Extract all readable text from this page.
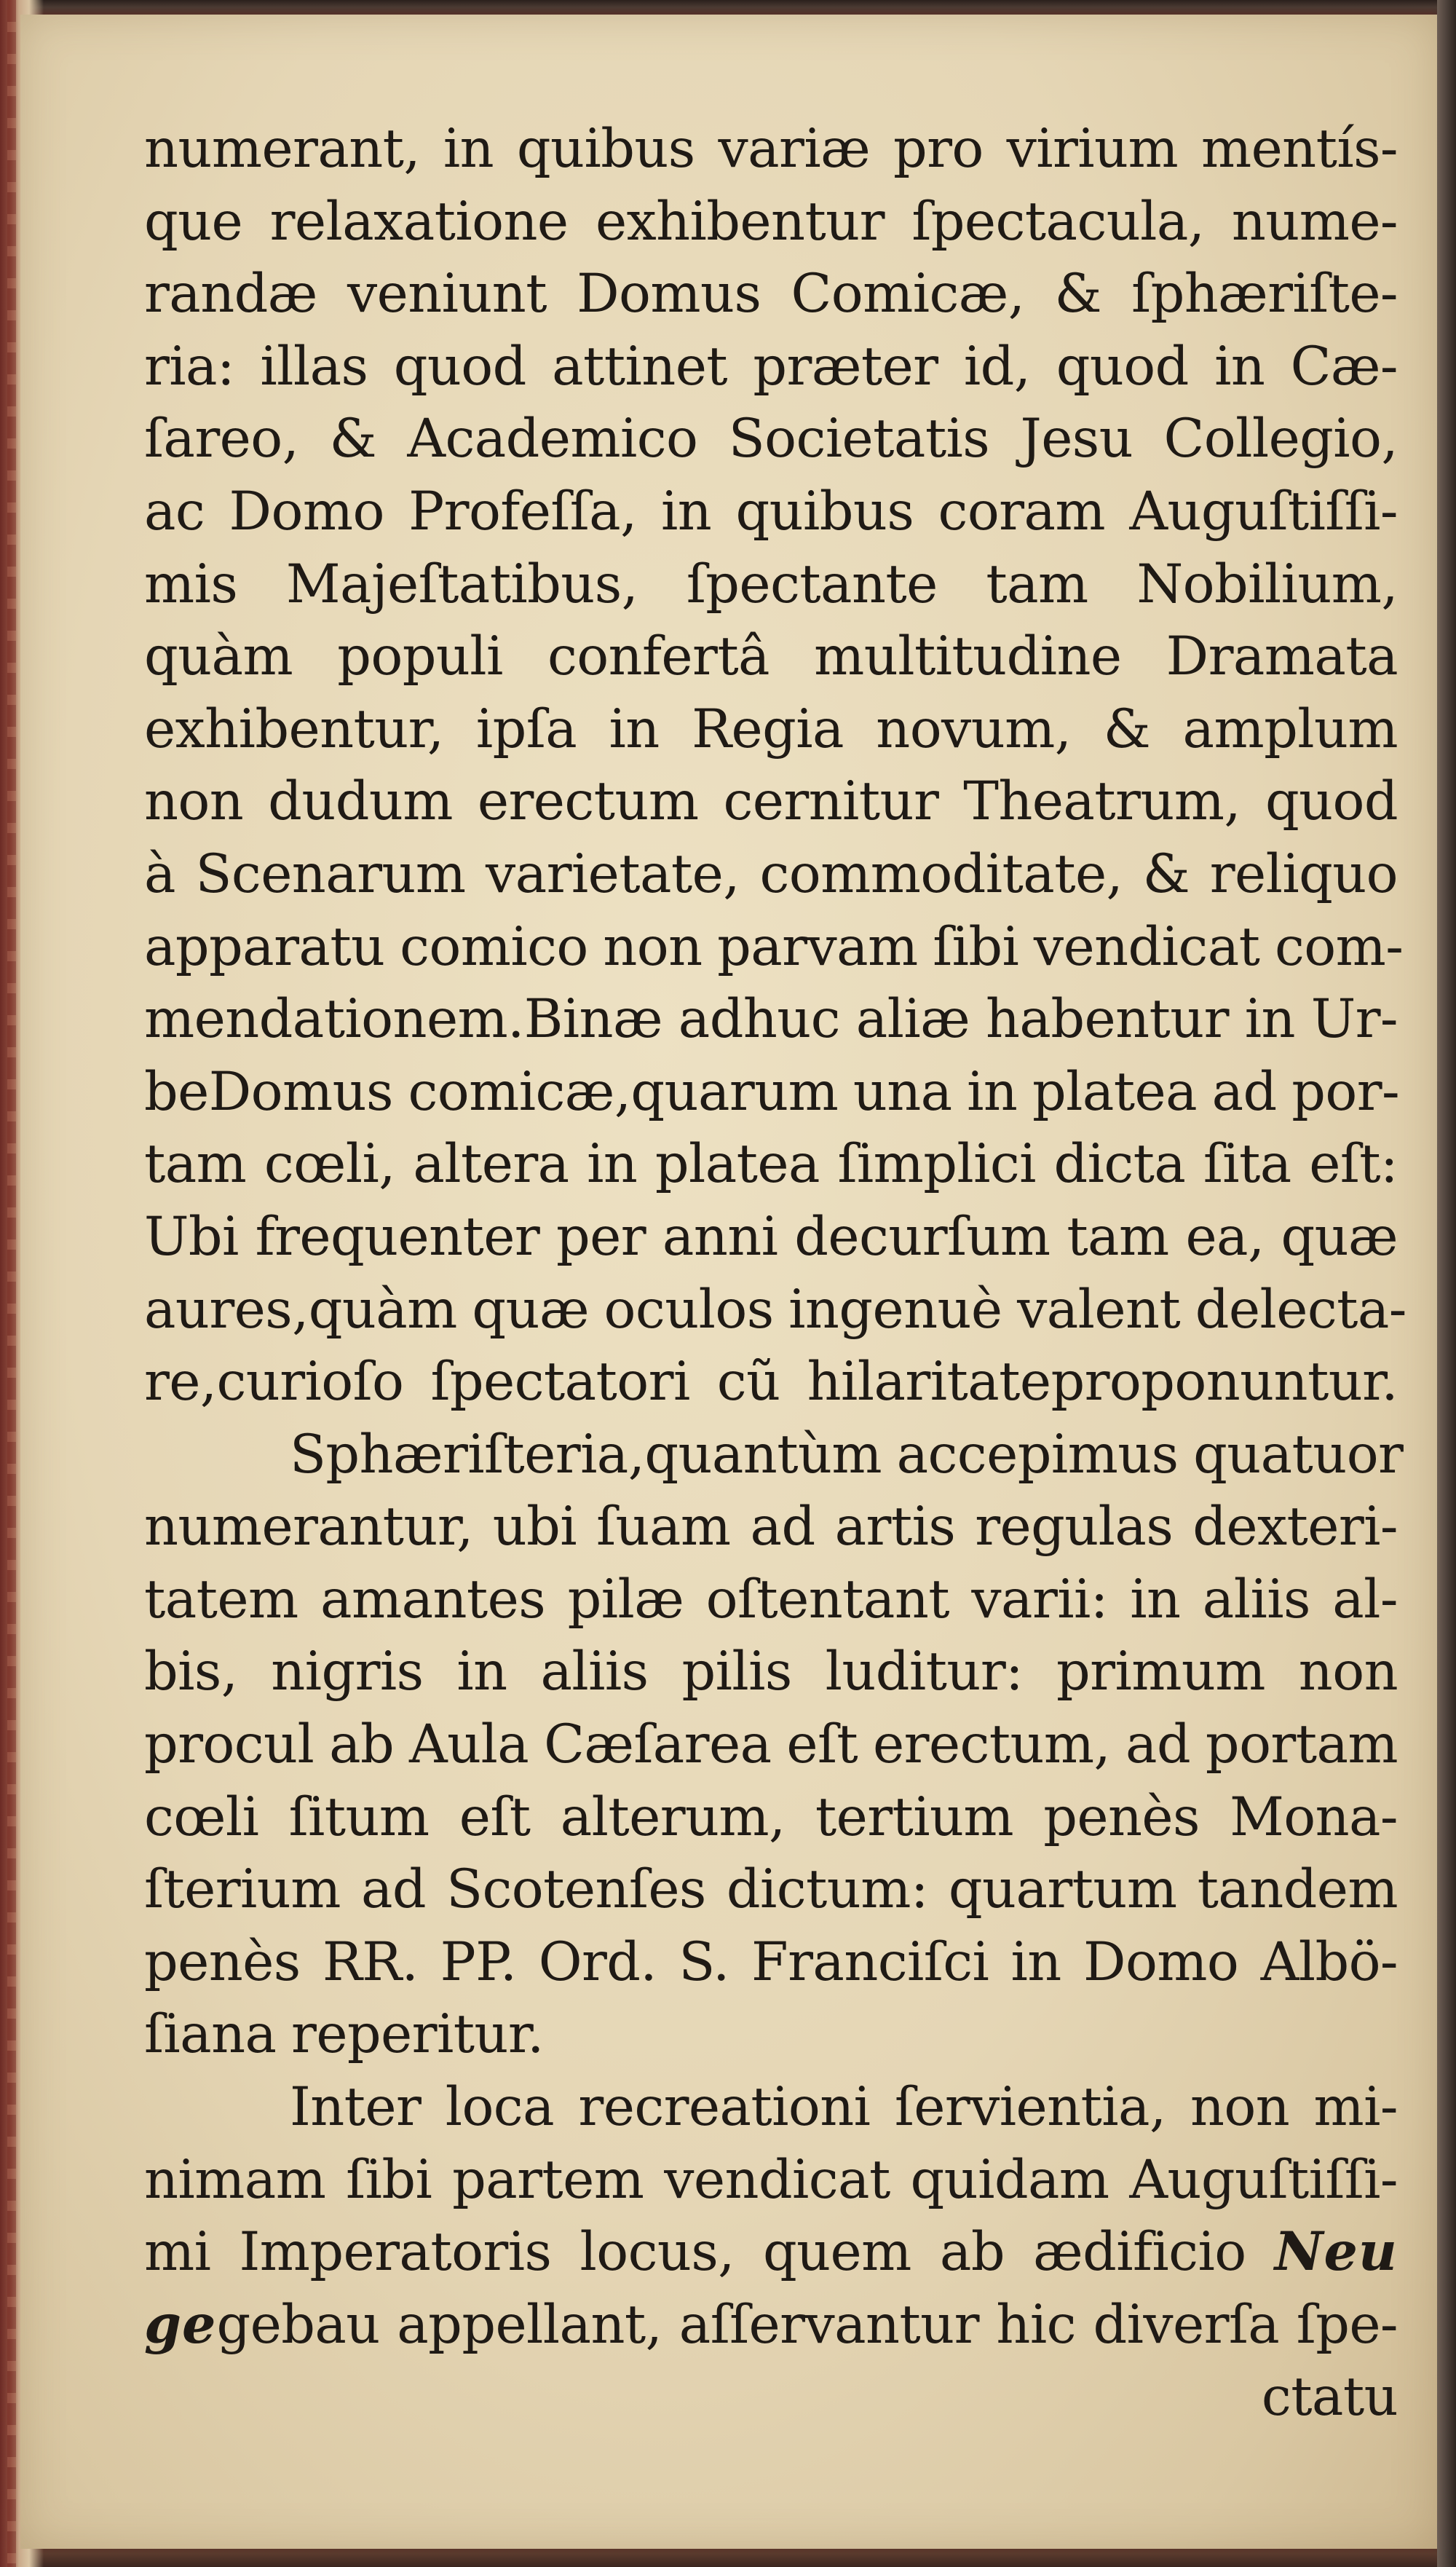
numerant, in quibus variæ pro virium mentís-
que relaxatione exhibentur ſpectacula, nume-
randæ veniunt Domus Comicæ, & ſphæriſte-
ria: illas quod attinet præter id, quod in Cæ-
ſareo, & Academico Societatis Jesu Collegio,
ac Domo Profeſſa, in quibus coram Auguſtiſſi-
mis Majeſtatibus, ſpectante tam Nobilium,
quàm populi confertâ multitudine Dramata
exhibentur, ipſa in Regia novum, & amplum
non dudum erectum cernitur Theatrum, quod
à Scenarum varietate, commoditate, & reliquo
apparatu comico non parvam ſibi vendicat com-
mendationem.Binæ adhuc aliæ habentur in Ur-
beDomus comicæ,quarum una in platea ad por-
tam cœli, altera in platea ſimplici dicta ſita eſt:
Ubi frequenter per anni decurſum tam ea, quæ
aures,quàm quæ oculos ingenuè valent delecta-
re,curioſo ſpectatori cũ hilaritateproponuntur.
Sphæriſteria,quantùm accepimus quatuor
numerantur, ubi ſuam ad artis regulas dexteri-
tatem amantes pilæ oſtentant varii: in aliis al-
bis, nigris in aliis pilis luditur: primum non
procul ab Aula Cæſarea eſt erectum, ad portam
cœli ſitum eſt alterum, tertium penès Mona-
ſterium ad Scotenſes dictum: quartum tandem
penès RR. PP. Ord. S. Franciſci in Domo Albö-
ſiana reperitur.
Inter loca recreationi ſervientia, non mi-
nimam ſibi partem vendicat quidam Auguſtiſſi-
mi Imperatoris locus, quem ab ædificio Neu
gegebau appellant, aſſervantur hic diverſa ſpe-
ctatu
